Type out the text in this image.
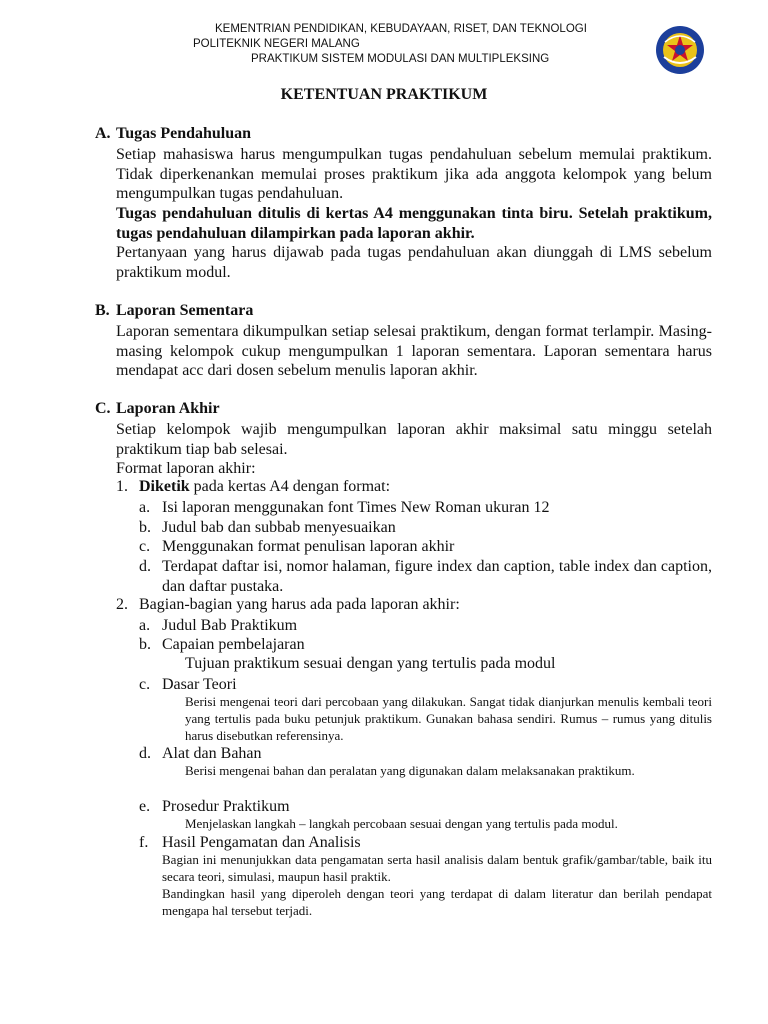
KEMENTRIAN PENDIDIKAN, KEBUDAYAAN, RISET, DAN TEKNOLOGI
POLITEKNIK NEGERI MALANG
PRAKTIKUM SISTEM MODULASI DAN MULTIPLEKSING
KETENTUAN PRAKTIKUM
A. Tugas Pendahuluan
Setiap mahasiswa harus mengumpulkan tugas pendahuluan sebelum memulai praktikum. Tidak diperkenankan memulai proses praktikum jika ada anggota kelompok yang belum mengumpulkan tugas pendahuluan.
Tugas pendahuluan ditulis di kertas A4 menggunakan tinta biru. Setelah praktikum, tugas pendahuluan dilampirkan pada laporan akhir.
Pertanyaan yang harus dijawab pada tugas pendahuluan akan diunggah di LMS sebelum praktikum modul.
B. Laporan Sementara
Laporan sementara dikumpulkan setiap selesai praktikum, dengan format terlampir. Masing-masing kelompok cukup mengumpulkan 1 laporan sementara. Laporan sementara harus mendapat acc dari dosen sebelum menulis laporan akhir.
C. Laporan Akhir
Setiap kelompok wajib mengumpulkan laporan akhir maksimal satu minggu setelah praktikum tiap bab selesai.
Format laporan akhir:
1. Diketik pada kertas A4 dengan format:
a. Isi laporan menggunakan font Times New Roman ukuran 12
b. Judul bab dan subbab menyesuaikan
c. Menggunakan format penulisan laporan akhir
d. Terdapat daftar isi, nomor halaman, figure index dan caption, table index dan caption, dan daftar pustaka.
2. Bagian-bagian yang harus ada pada laporan akhir:
a. Judul Bab Praktikum
b. Capaian pembelajaran
Tujuan praktikum sesuai dengan yang tertulis pada modul
c. Dasar Teori
Berisi mengenai teori dari percobaan yang dilakukan. Sangat tidak dianjurkan menulis kembali teori yang tertulis pada buku petunjuk praktikum. Gunakan bahasa sendiri. Rumus – rumus yang ditulis harus disebutkan referensinya.
d. Alat dan Bahan
Berisi mengenai bahan dan peralatan yang digunakan dalam melaksanakan praktikum.
e. Prosedur Praktikum
Menjelaskan langkah – langkah percobaan sesuai dengan yang tertulis pada modul.
f. Hasil Pengamatan dan Analisis
Bagian ini menunjukkan data pengamatan serta hasil analisis dalam bentuk grafik/gambar/table, baik itu secara teori, simulasi, maupun hasil praktik.
Bandingkan hasil yang diperoleh dengan teori yang terdapat di dalam literatur dan berilah pendapat mengapa hal tersebut terjadi.
